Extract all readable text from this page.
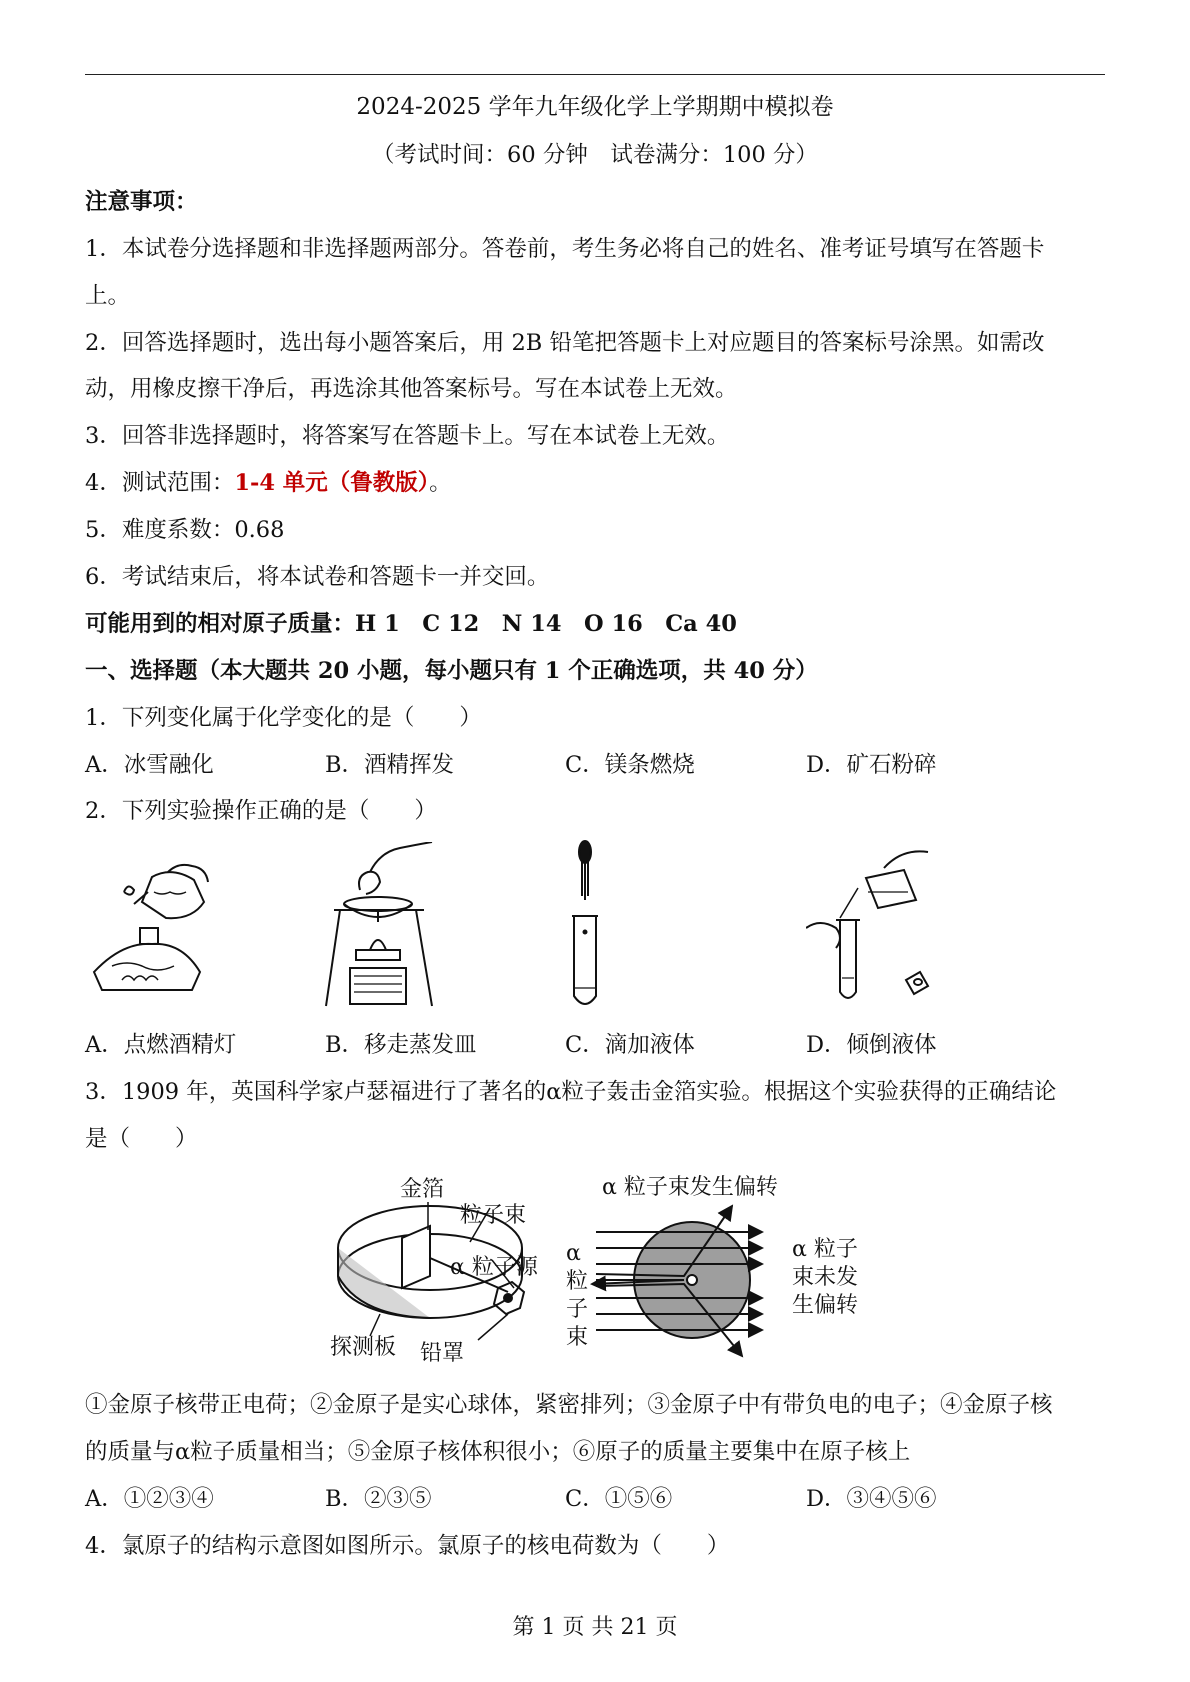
2024-2025 学年九年级化学上学期期中模拟卷
（考试时间：60 分钟　试卷满分：100 分）
注意事项：
1．本试卷分选择题和非选择题两部分。答卷前，考生务必将自己的姓名、准考证号填写在答题卡
上。
2．回答选择题时，选出每小题答案后，用 2B 铅笔把答题卡上对应题目的答案标号涂黑。如需改
动，用橡皮擦干净后，再选涂其他答案标号。写在本试卷上无效。
3．回答非选择题时，将答案写在答题卡上。写在本试卷上无效。
4．测试范围：1-4 单元（鲁教版）。
5．难度系数：0.68
6．考试结束后，将本试卷和答题卡一并交回。
可能用到的相对原子质量：H 1　C 12　N 14　O 16　Ca 40
一、选择题（本大题共 20 小题，每小题只有 1 个正确选项，共 40 分）
1．下列变化属于化学变化的是（　　）
A．冰雪融化	B．酒精挥发	C．镁条燃烧	D．矿石粉碎
2．下列实验操作正确的是（　　）
A．点燃酒精灯	B．移走蒸发皿	C．滴加液体	D．倾倒液体
3．1909 年，英国科学家卢瑟福进行了著名的α粒子轰击金箔实验。根据这个实验获得的正确结论
是（　　）
金箔
粒子束
α 粒子源
探测板 铅罩
α 粒子束发生偏转
α
粒
子
束
α 粒子
束未发
生偏转
①金原子核带正电荷；②金原子是实心球体，紧密排列；③金原子中有带负电的电子；④金原子核
的质量与α粒子质量相当；⑤金原子核体积很小；⑥原子的质量主要集中在原子核上
A．①②③④	B．②③⑤	C．①⑤⑥	D．③④⑤⑥
4．氯原子的结构示意图如图所示。氯原子的核电荷数为（　　）
第 1 页 共 21 页
